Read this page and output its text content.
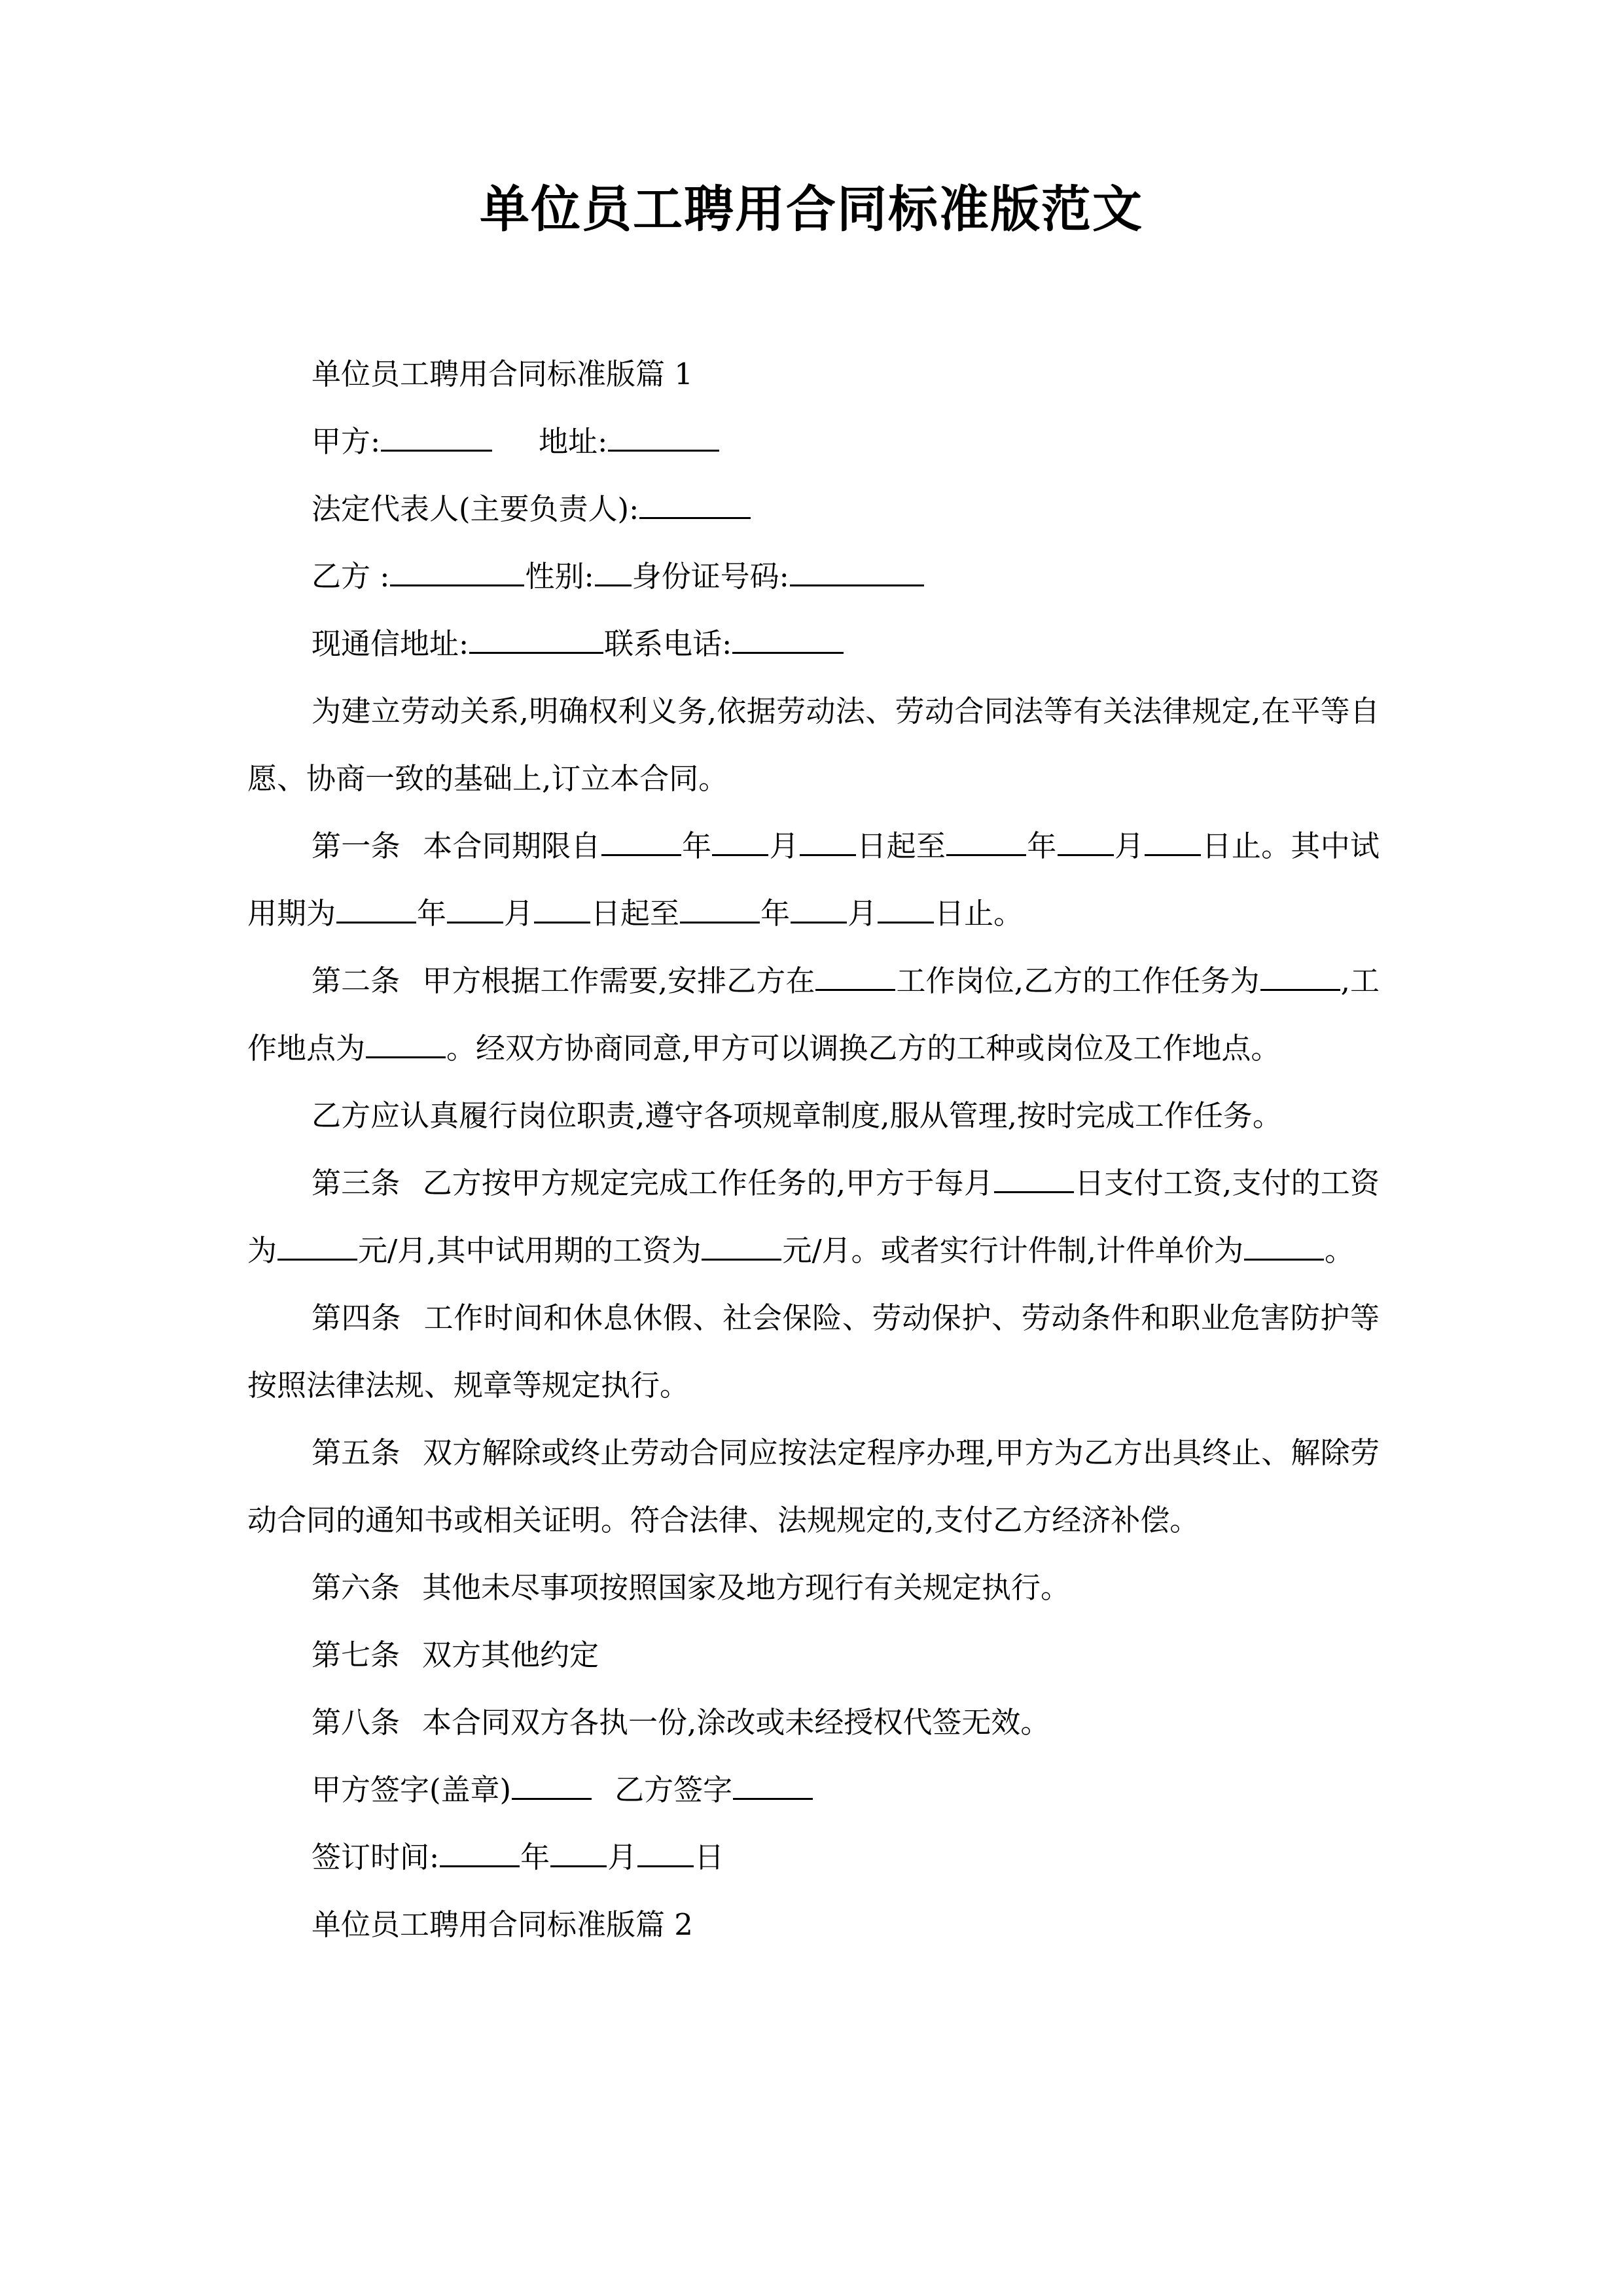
单位员工聘用合同标准版范文
单位员工聘用合同标准版篇 1
甲方:	地址:
法定代表人(主要负责人):
乙方 :	性别: 身份证号码:
现通信地址:	联系电话:
为建立劳动关系,明确权利义务,依据劳动法、劳动合同法等有关法律规定,在平等自愿、协商一致的基础上,订立本合同。
第一条 本合同期限自	年 月 日起至	年 月 日止。其中试用期为	年 月 日起至	年 月 日止。
第二条 甲方根据工作需要,安排乙方在	工作岗位,乙方的工作任务为	,工作地点为	。经双方协商同意,甲方可以调换乙方的工种或岗位及工作地点。
乙方应认真履行岗位职责,遵守各项规章制度,服从管理,按时完成工作任务。
第三条 乙方按甲方规定完成工作任务的,甲方于每月	日支付工资,支付的工资为	元/月,其中试用期的工资为	元/月。或者实行计件制,计件单价为	。
第四条 工作时间和休息休假、社会保险、劳动保护、劳动条件和职业危害防护等按照法律法规、规章等规定执行。
第五条 双方解除或终止劳动合同应按法定程序办理,甲方为乙方出具终止、解除劳动合同的通知书或相关证明。符合法律、法规规定的,支付乙方经济补偿。
第六条 其他未尽事项按照国家及地方现行有关规定执行。
第七条 双方其他约定
第八条 本合同双方各执一份,涂改或未经授权代签无效。
甲方签字(盖章)	乙方签字
签订时间:	年 月 日
单位员工聘用合同标准版篇 2
